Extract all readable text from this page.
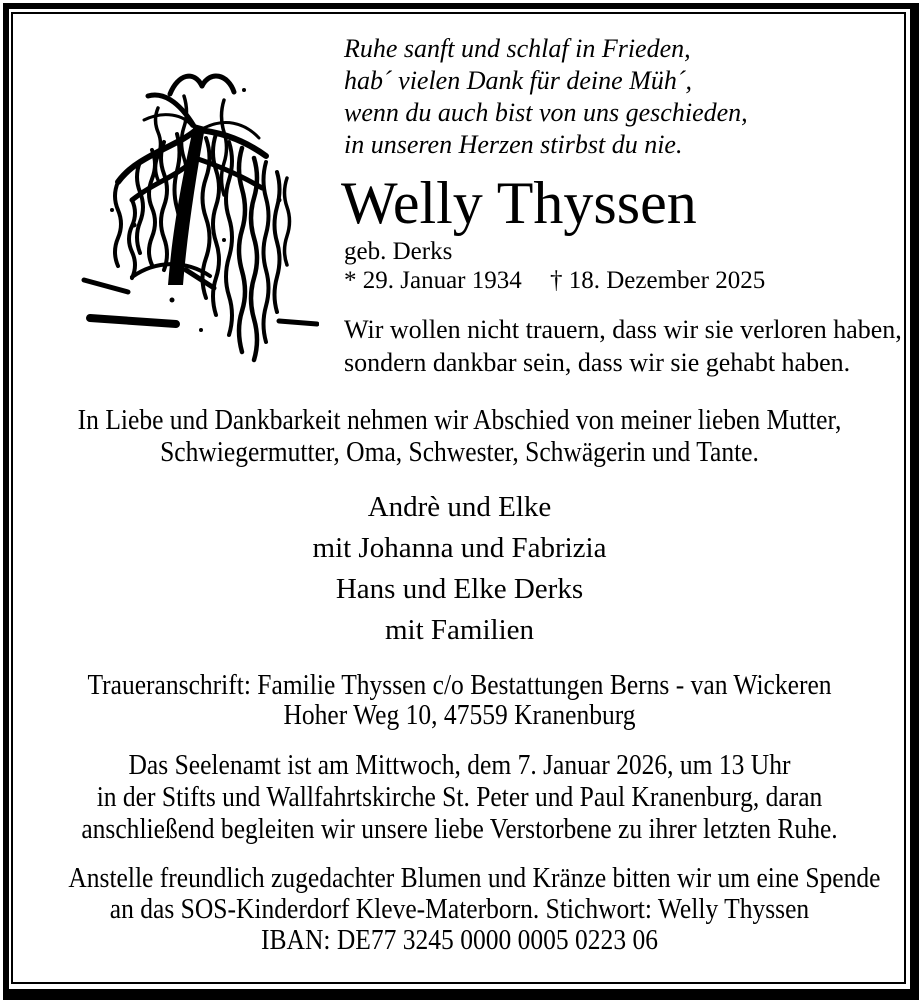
Ruhe sanft und schlaf in Frieden,
hab´ vielen Dank für deine Müh´,
wenn du auch bist von uns geschieden,
in unseren Herzen stirbst du nie.
Welly Thyssen
geb. Derks
* 29. Januar 1934 † 18. Dezember 2025
Wir wollen nicht trauern, dass wir sie verloren haben,
sondern dankbar sein, dass wir sie gehabt haben.
In Liebe und Dankbarkeit nehmen wir Abschied von meiner lieben Mutter,
Schwiegermutter, Oma, Schwester, Schwägerin und Tante.
Andrè und Elke
mit Johanna und Fabrizia
Hans und Elke Derks
mit Familien
Traueranschrift: Familie Thyssen c/o Bestattungen Berns - van Wickeren
Hoher Weg 10, 47559 Kranenburg
Das Seelenamt ist am Mittwoch, dem 7. Januar 2026, um 13 Uhr
in der Stifts und Wallfahrtskirche St. Peter und Paul Kranenburg, daran
anschließend begleiten wir unsere liebe Verstorbene zu ihrer letzten Ruhe.
Anstelle freundlich zugedachter Blumen und Kränze bitten wir um eine Spende
an das SOS-Kinderdorf Kleve-Materborn. Stichwort: Welly Thyssen
IBAN: DE77 3245 0000 0005 0223 06
